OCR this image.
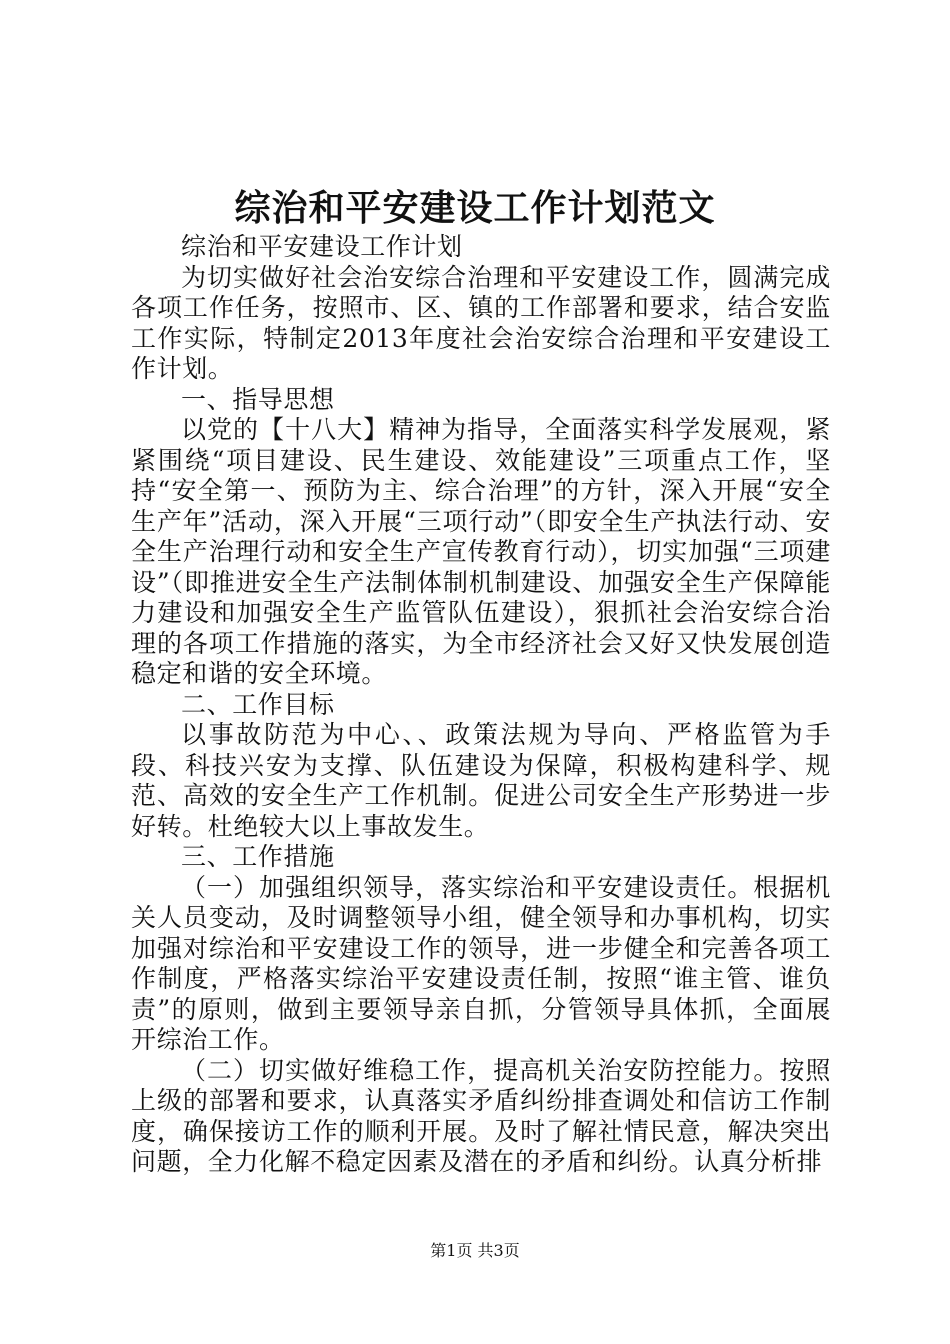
综治和平安建设工作计划范文

综治和平安建设工作计划

为切实做好社会治安综合治理和平安建设工作，圆满完成各项工作任务，按照市、区、镇的工作部署和要求，结合安监工作实际，特制定2013年度社会治安综合治理和平安建设工作计划。

一、指导思想

以党的【十八大】精神为指导，全面落实科学发展观，紧紧围绕“项目建设、民生建设、效能建设”三项重点工作，坚持“安全第一、预防为主、综合治理”的方针，深入开展“安全生产年”活动，深入开展“三项行动”（即安全生产执法行动、安全生产治理行动和安全生产宣传教育行动），切实加强“三项建设”（即推进安全生产法制体制机制建设、加强安全生产保障能力建设和加强安全生产监管队伍建设），狠抓社会治安综合治理的各项工作措施的落实，为全市经济社会又好又快发展创造稳定和谐的安全环境。

二、工作目标

以事故防范为中心、、政策法规为导向、严格监管为手段、科技兴安为支撑、队伍建设为保障，积极构建科学、规范、高效的安全生产工作机制。促进公司安全生产形势进一步好转。杜绝较大以上事故发生。

三、工作措施

（一）加强组织领导，落实综治和平安建设责任。根据机关人员变动，及时调整领导小组，健全领导和办事机构，切实加强对综治和平安建设工作的领导，进一步健全和完善各项工作制度，严格落实综治平安建设责任制，按照“谁主管、谁负责”的原则，做到主要领导亲自抓，分管领导具体抓，全面展开综治工作。

（二）切实做好维稳工作，提高机关治安防控能力。按照上级的部署和要求，认真落实矛盾纠纷排查调处和信访工作制度，确保接访工作的顺利开展。及时了解社情民意，解决突出问题，全力化解不稳定因素及潜在的矛盾和纠纷。认真分析排

第1页 共3页
